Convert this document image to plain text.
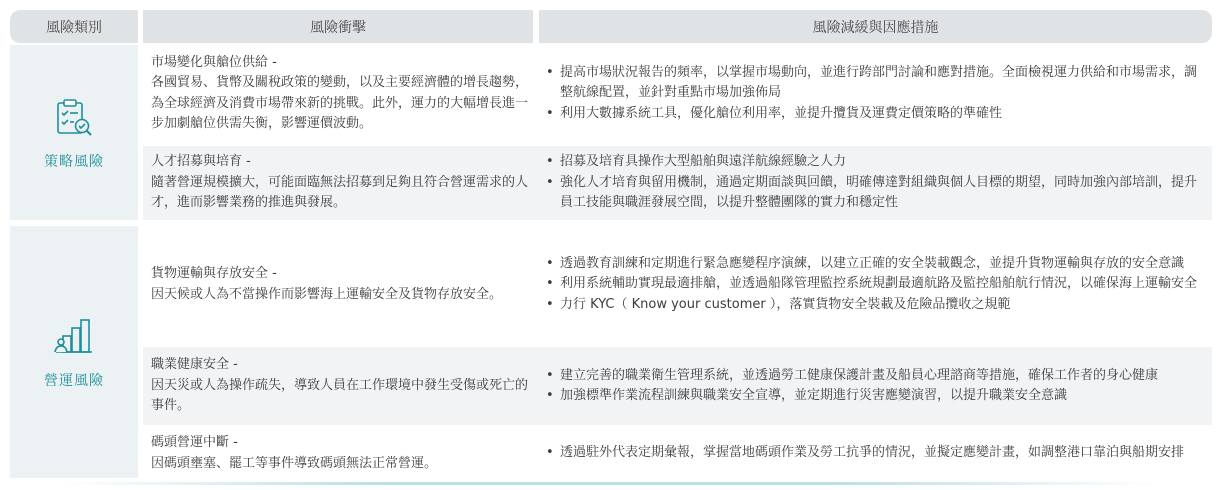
風險類別	風險衝擊	風險減緩與因應措施
策略風險
營運風險
市場變化與艙位供給 -
各國貿易、貨幣及關稅政策的變動，以及主要經濟體的增長趨勢，為全球經濟及消費市場帶來新的挑戰。此外，運力的大幅增長進一步加劇艙位供需失衡，影響運價波動。
• 提高市場狀況報告的頻率，以掌握市場動向，並進行跨部門討論和應對措施。全面檢視運力供給和市場需求，調整航線配置，並針對重點市場加強佈局
• 利用大數據系統工具，優化艙位利用率，並提升攬貨及運費定價策略的準確性
人才招募與培育 -
隨著營運規模擴大，可能面臨無法招募到足夠且符合營運需求的人才，進而影響業務的推進與發展。
• 招募及培育具操作大型船舶與遠洋航線經驗之人力
• 強化人才培育與留用機制，通過定期面談與回饋，明確傳達對組織與個人目標的期望，同時加強內部培訓，提升員工技能與職涯發展空間，以提升整體團隊的實力和穩定性
貨物運輸與存放安全 -
因天候或人為不當操作而影響海上運輸安全及貨物存放安全。
• 透過教育訓練和定期進行緊急應變程序演練，以建立正確的安全裝載觀念，並提升貨物運輸與存放的安全意識
• 利用系統輔助實現最適排艙，並透過船隊管理監控系統規劃最適航路及監控船舶航行情況，以確保海上運輸安全
• 力行 KYC（ Know your customer ），落實貨物安全裝載及危險品攬收之規範
職業健康安全 -
因天災或人為操作疏失，導致人員在工作環境中發生受傷或死亡的事件。
• 建立完善的職業衛生管理系統，並透過勞工健康保護計畫及船員心理諮商等措施，確保工作者的身心健康
• 加強標準作業流程訓練與職業安全宣導，並定期進行災害應變演習，以提升職業安全意識
碼頭營運中斷 -
因碼頭壅塞、罷工等事件導致碼頭無法正常營運。
• 透過駐外代表定期彙報，掌握當地碼頭作業及勞工抗爭的情況，並擬定應變計畫，如調整港口靠泊與船期安排
